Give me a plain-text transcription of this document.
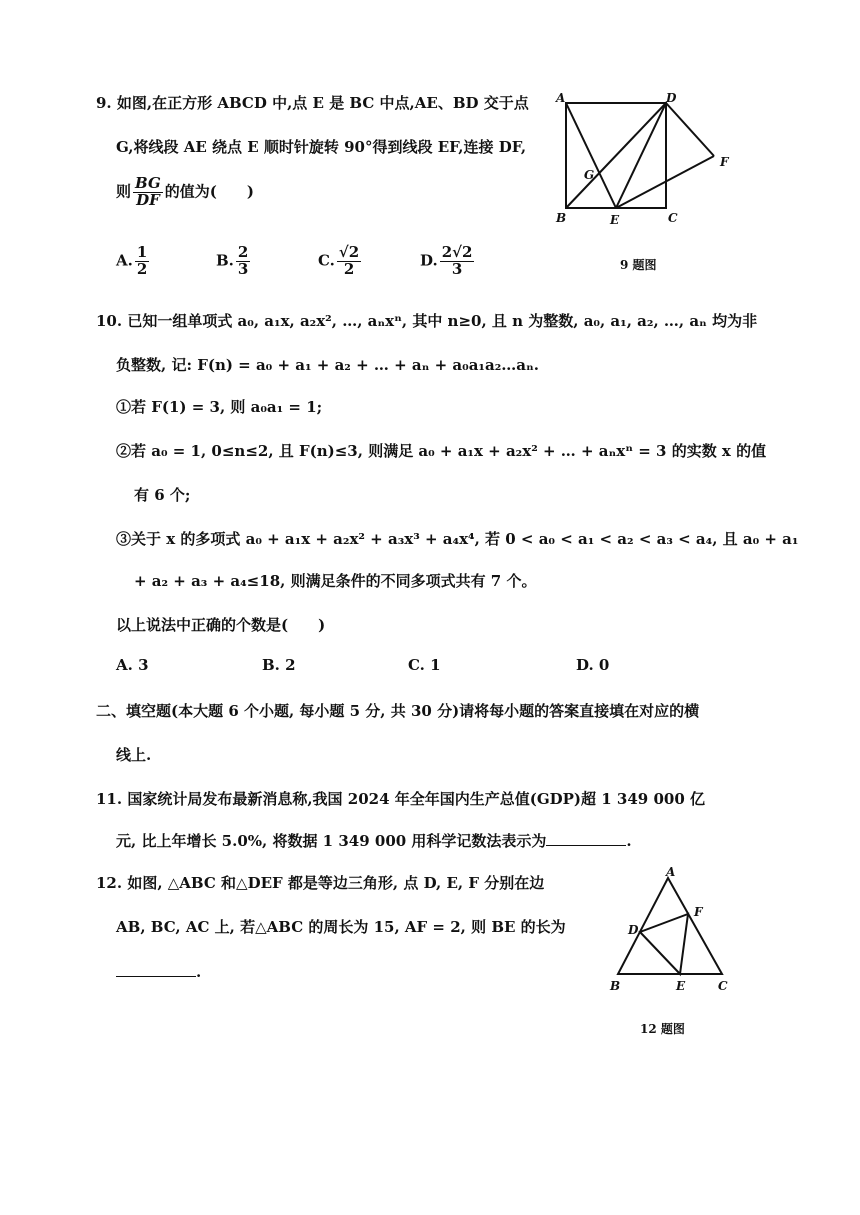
9. 如图,在正方形 ABCD 中,点 E 是 BC 中点,AE、BD 交于点
G,将线段 AE 绕点 E 顺时针旋转 90°得到线段 EF,连接 DF,
则 $\frac{BG}{DF}$ 的值为(　　)
A. $\frac{1}{2}$	B. $\frac{2}{3}$	C. $\frac{√2}{2}$	D. $\frac{2√2}{3}$
A	D
F
G
B	E	C
9 题图
10. 已知一组单项式 a₀, a₁x, a₂x², …, aₙxⁿ, 其中 n≥0, 且 n 为整数, a₀, a₁, a₂, …, aₙ 均为非
负整数, 记: F(n) = a₀ + a₁ + a₂ + … + aₙ + a₀a₁a₂…aₙ.
①若 F(1) = 3, 则 a₀a₁ = 1;
②若 a₀ = 1, 0≤n≤2, 且 F(n)≤3, 则满足 a₀ + a₁x + a₂x² + … + aₙxⁿ = 3 的实数 x 的值
有 6 个;
③关于 x 的多项式 a₀ + a₁x + a₂x² + a₃x³ + a₄x⁴, 若 0 < a₀ < a₁ < a₂ < a₃ < a₄, 且 a₀ + a₁
+ a₂ + a₃ + a₄≤18, 则满足条件的不同多项式共有 7 个。
以上说法中正确的个数是(　　)
A. 3	B. 2	C. 1	D. 0
二、填空题(本大题 6 个小题, 每小题 5 分, 共 30 分)请将每小题的答案直接填在对应的横
线上.
11. 国家统计局发布最新消息称,我国 2024 年全年国内生产总值(GDP)超 1 349 000 亿
元, 比上年增长 5.0%, 将数据 1 349 000 用科学记数法表示为	.
12. 如图, △ABC 和△DEF 都是等边三角形, 点 D, E, F 分别在边
AB, BC, AC 上, 若△ABC 的周长为 15, AF = 2, 则 BE 的长为
.
A
D
F
B	E	C
12 题图
